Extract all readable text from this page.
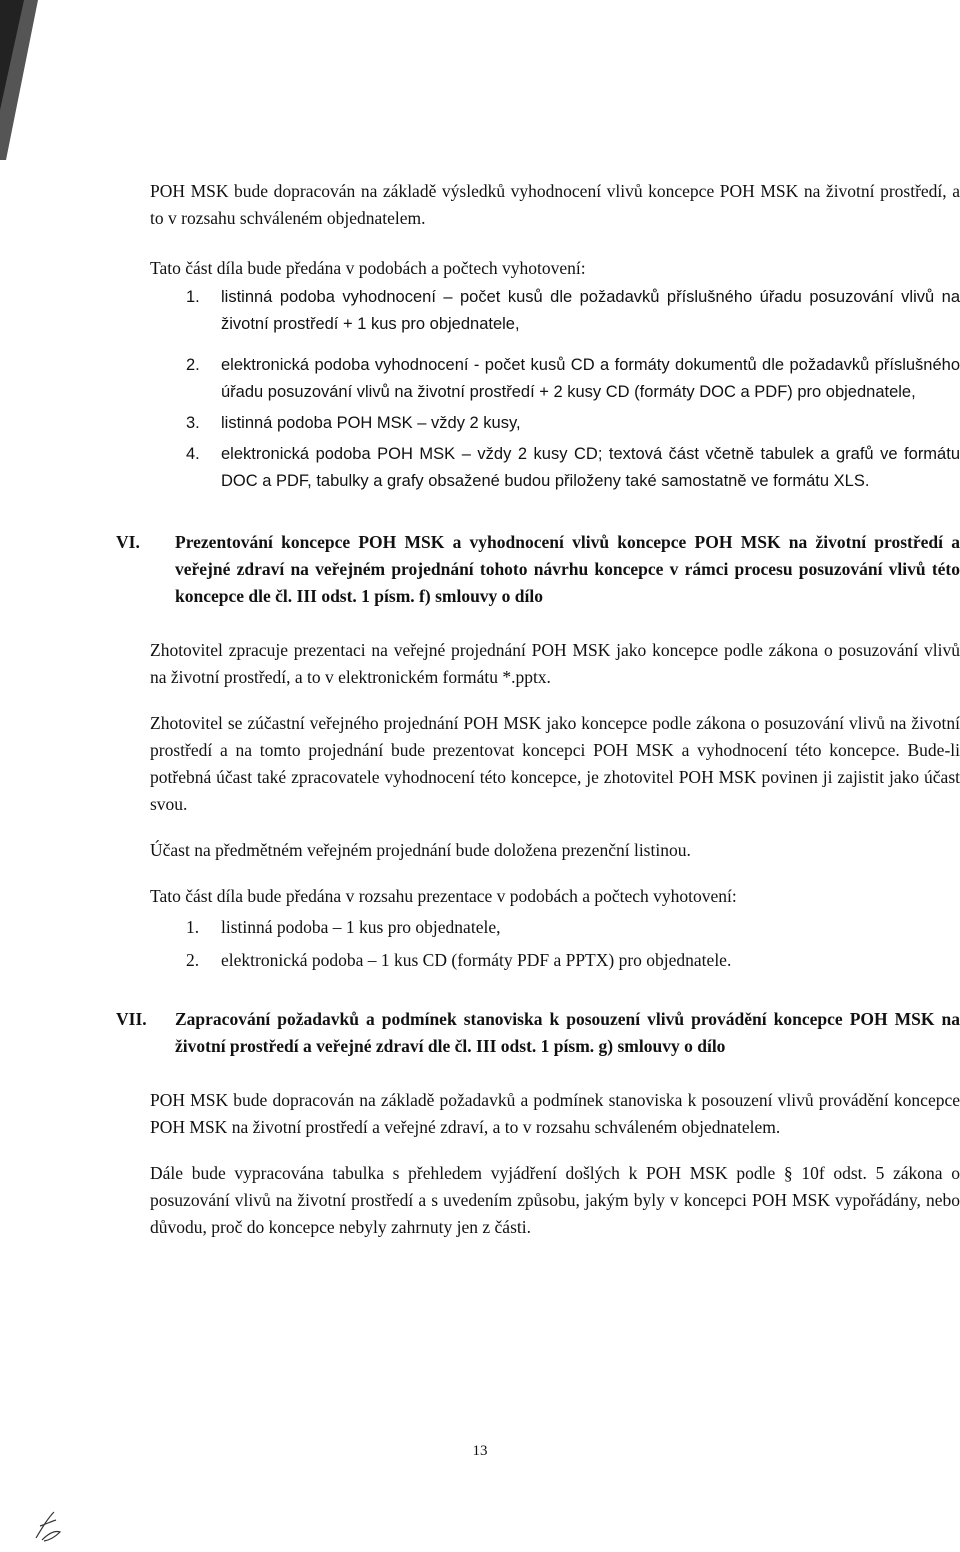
POH MSK bude dopracován na základě výsledků vyhodnocení vlivů koncepce POH MSK na životní prostředí, a to v rozsahu schváleném objednatelem.

Tato část díla bude předána v podobách a počtech vyhotovení:

1.	listinná podoba vyhodnocení – počet kusů dle požadavků příslušného úřadu posuzování vlivů na životní prostředí + 1 kus pro objednatele,
2.	elektronická podoba vyhodnocení - počet kusů CD a formáty dokumentů dle požadavků příslušného úřadu posuzování vlivů na životní prostředí + 2 kusy CD (formáty DOC a PDF) pro objednatele,
3.	listinná podoba POH MSK – vždy 2 kusy,
4.	elektronická podoba POH MSK – vždy 2 kusy CD; textová část včetně tabulek a grafů ve formátu DOC a PDF, tabulky a grafy obsažené budou přiloženy také samostatně ve formátu XLS.
VI.	Prezentování koncepce POH MSK a vyhodnocení vlivů koncepce POH MSK na životní prostředí a veřejné zdraví na veřejném projednání tohoto návrhu koncepce v rámci procesu posuzování vlivů této koncepce dle čl. III odst. 1 písm. f) smlouvy o dílo

Zhotovitel zpracuje prezentaci na veřejné projednání POH MSK jako koncepce podle zákona o posuzování vlivů na životní prostředí, a to v elektronickém formátu *.pptx.

Zhotovitel se zúčastní veřejného projednání POH MSK jako koncepce podle zákona o posuzování vlivů na životní prostředí a na tomto projednání bude prezentovat koncepci POH MSK a vyhodnocení této koncepce. Bude-li potřebná účast také zpracovatele vyhodnocení této koncepce, je zhotovitel POH MSK povinen ji zajistit jako účast svou.

Účast na předmětném veřejném projednání bude doložena prezenční listinou.

Tato část díla bude předána v rozsahu prezentace v podobách a počtech vyhotovení:

1.	listinná podoba – 1 kus pro objednatele,
2.	elektronická podoba – 1 kus CD (formáty PDF a PPTX) pro objednatele.
VII.	Zapracování požadavků a podmínek stanoviska k posouzení vlivů provádění koncepce POH MSK na životní prostředí a veřejné zdraví dle čl. III odst. 1 písm. g) smlouvy o dílo

POH MSK bude dopracován na základě požadavků a podmínek stanoviska k posouzení vlivů provádění koncepce POH MSK na životní prostředí a veřejné zdraví, a to v rozsahu schváleném objednatelem.

Dále bude vypracována tabulka s přehledem vyjádření došlých k POH MSK podle § 10f odst. 5 zákona o posuzování vlivů na životní prostředí a s uvedením způsobu, jakým byly v koncepci POH MSK vypořádány, nebo důvodu, proč do koncepce nebyly zahrnuty jen z části.

13
